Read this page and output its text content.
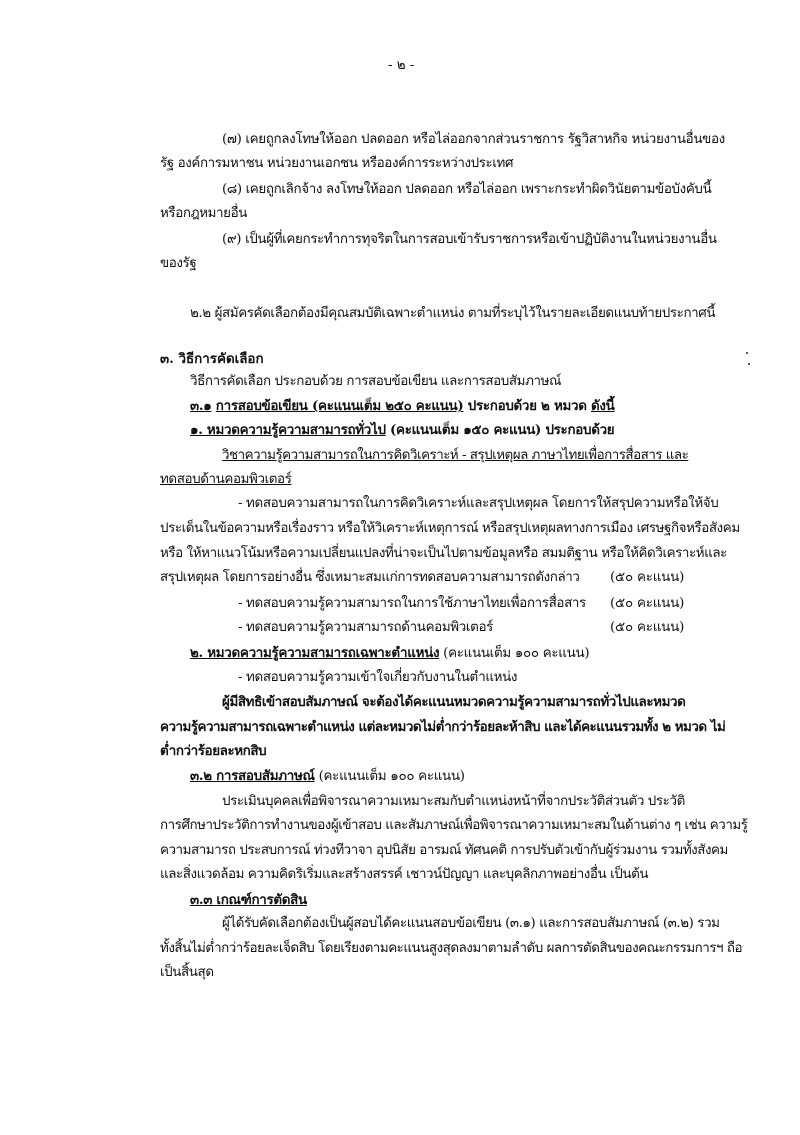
- ๒ -
(๗) เคยถูกลงโทษให้ออก ปลดออก หรือไล่ออกจากส่วนราชการ รัฐวิสาหกิจ หน่วยงานอื่นของ
รัฐ องค์การมหาชน หน่วยงานเอกชน หรือองค์การระหว่างประเทศ
(๘) เคยถูกเลิกจ้าง ลงโทษให้ออก ปลดออก หรือไล่ออก เพราะกระทำผิดวินัยตามข้อบังคับนี้
หรือกฎหมายอื่น
(๙) เป็นผู้ที่เคยกระทำการทุจริตในการสอบเข้ารับราชการหรือเข้าปฏิบัติงานในหน่วยงานอื่น
ของรัฐ
๒.๒ ผู้สมัครคัดเลือกต้องมีคุณสมบัติเฉพาะตำแหน่ง ตามที่ระบุไว้ในรายละเอียดแนบท้ายประกาศนี้
๓. วิธีการคัดเลือก
วิธีการคัดเลือก ประกอบด้วย การสอบข้อเขียน และการสอบสัมภาษณ์
๓.๑ การสอบข้อเขียน (คะแนนเต็ม ๒๕๐ คะแนน) ประกอบด้วย ๒ หมวด ดังนี้
๑. หมวดความรู้ความสามารถทั่วไป (คะแนนเต็ม ๑๕๐ คะแนน) ประกอบด้วย
วิชาความรู้ความสามารถในการคิดวิเคราะห์ - สรุปเหตุผล ภาษาไทยเพื่อการสื่อสาร และ
ทดสอบด้านคอมพิวเตอร์
- ทดสอบความสามารถในการคิดวิเคราะห์และสรุปเหตุผล โดยการให้สรุปความหรือให้จับ
ประเด็นในข้อความหรือเรื่องราว หรือให้วิเคราะห์เหตุการณ์ หรือสรุปเหตุผลทางการเมือง เศรษฐกิจหรือสังคม
หรือ ให้หาแนวโน้มหรือความเปลี่ยนแปลงที่น่าจะเป็นไปตามข้อมูลหรือ สมมติฐาน หรือให้คิดวิเคราะห์และ
สรุปเหตุผล โดยการอย่างอื่น ซึ่งเหมาะสมแก่การทดสอบความสามารถดังกล่าว (๕๐ คะแนน)
- ทดสอบความรู้ความสามารถในการใช้ภาษาไทยเพื่อการสื่อสาร (๕๐ คะแนน)
- ทดสอบความรู้ความสามารถด้านคอมพิวเตอร์	(๕๐ คะแนน)
๒. หมวดความรู้ความสามารถเฉพาะตำแหน่ง (คะแนนเต็ม ๑๐๐ คะแนน)
- ทดสอบความรู้ความเข้าใจเกี่ยวกับงานในตำแหน่ง
ผู้มีสิทธิเข้าสอบสัมภาษณ์ จะต้องได้คะแนนหมวดความรู้ความสามารถทั่วไปและหมวด
ความรู้ความสามารถเฉพาะตำแหน่ง แต่ละหมวดไม่ต่ำกว่าร้อยละห้าสิบ และได้คะแนนรวมทั้ง ๒ หมวด ไม่
ต่ำกว่าร้อยละหกสิบ
๓.๒ การสอบสัมภาษณ์ (คะแนนเต็ม ๑๐๐ คะแนน)
ประเมินบุคคลเพื่อพิจารณาความเหมาะสมกับตำแหน่งหน้าที่จากประวัติส่วนตัว ประวัติ
การศึกษาประวัติการทำงานของผู้เข้าสอบ และสัมภาษณ์เพื่อพิจารณาความเหมาะสมในด้านต่าง ๆ เช่น ความรู้
ความสามารถ ประสบการณ์ ท่วงทีวาจา อุปนิสัย อารมณ์ ทัศนคติ การปรับตัวเข้ากับผู้ร่วมงาน รวมทั้งสังคม
และสิ่งแวดล้อม ความคิดริเริ่มและสร้างสรรค์ เชาวน์ปัญญา และบุคลิกภาพอย่างอื่น เป็นต้น
๓.๓ เกณฑ์การตัดสิน
ผู้ได้รับคัดเลือกต้องเป็นผู้สอบได้คะแนนสอบข้อเขียน (๓.๑) และการสอบสัมภาษณ์ (๓.๒) รวม
ทั้งสิ้นไม่ต่ำกว่าร้อยละเจ็ดสิบ โดยเรียงตามคะแนนสูงสุดลงมาตามลำดับ ผลการตัดสินของคณะกรรมการฯ ถือ
เป็นสิ้นสุด
